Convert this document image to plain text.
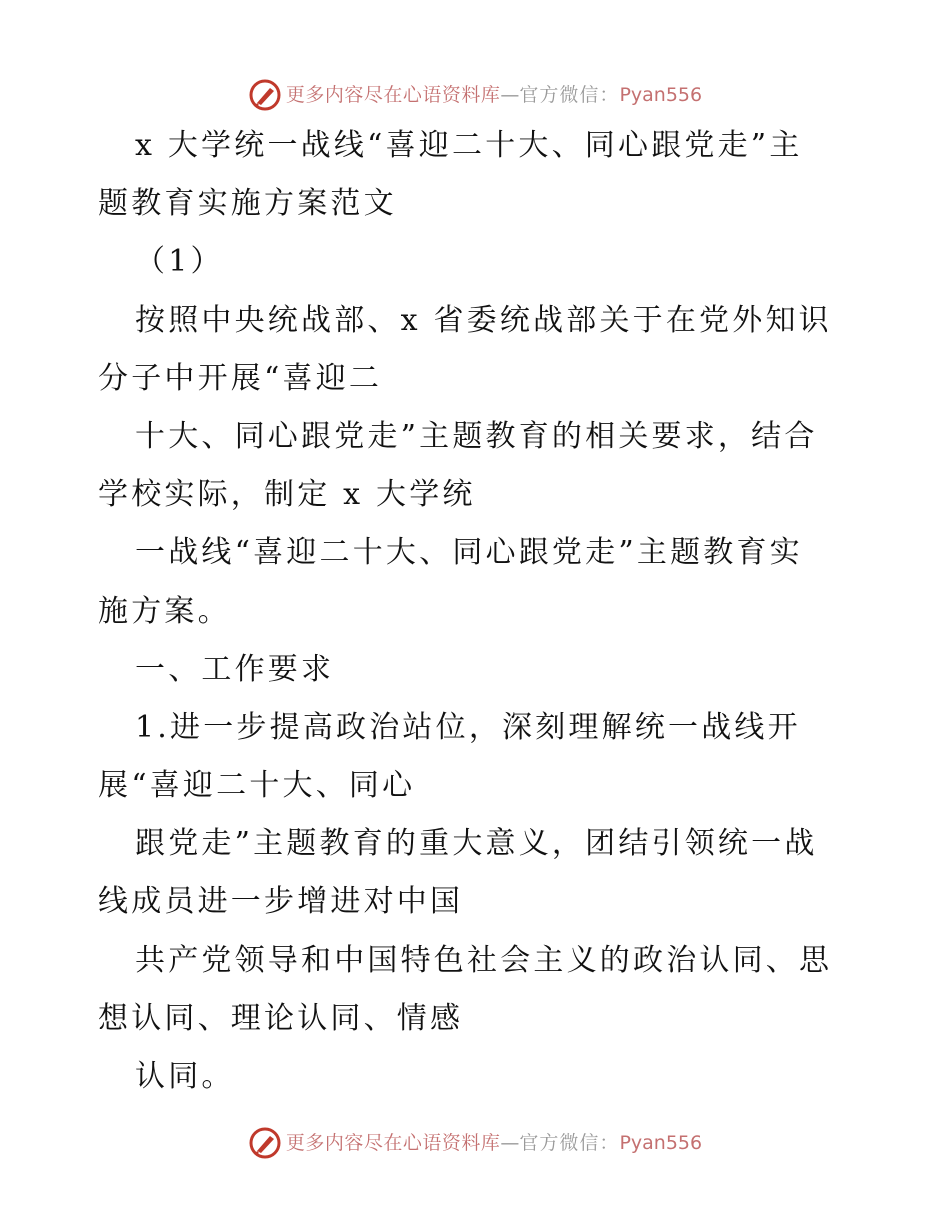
更多内容尽在心语资料库 — 官方微信： Pyan556
x 大学统一战线“喜迎二十大、同心跟党走”主
题教育实施方案范文
（1）
按照中央统战部、x 省委统战部关于在党外知识
分子中开展“喜迎二
十大、同心跟党走”主题教育的相关要求，结合
学校实际，制定 x 大学统
一战线“喜迎二十大、同心跟党走”主题教育实
施方案。
一、工作要求
1.进一步提高政治站位，深刻理解统一战线开
展“喜迎二十大、同心
跟党走”主题教育的重大意义，团结引领统一战
线成员进一步增进对中国
共产党领导和中国特色社会主义的政治认同、思
想认同、理论认同、情感
认同。
更多内容尽在心语资料库 — 官方微信： Pyan556
